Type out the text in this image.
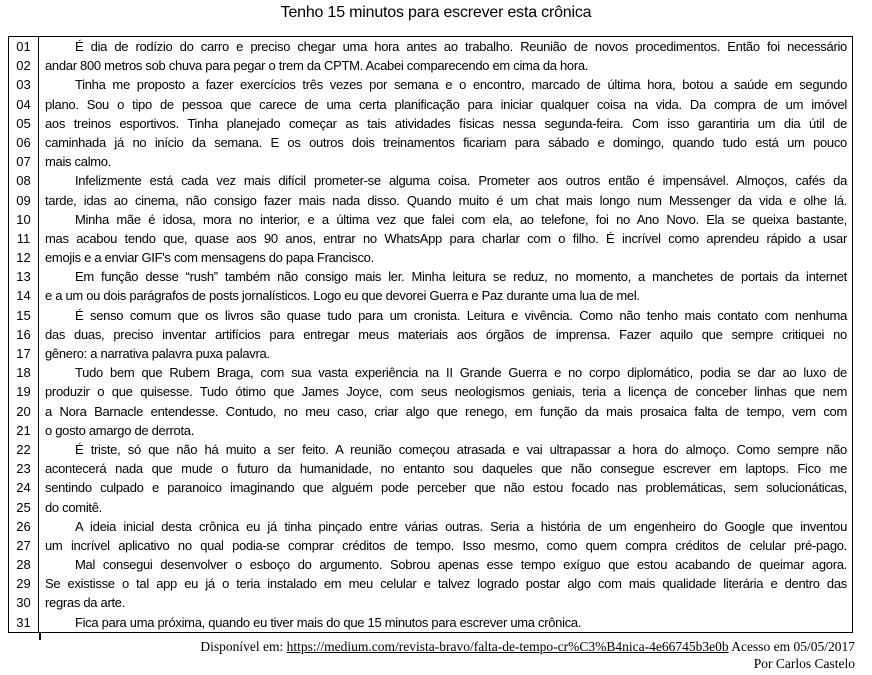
Tenho 15 minutos para escrever esta crônica
01	É dia de rodízio do carro e preciso chegar uma hora antes ao trabalho. Reunião de novos procedimentos. Então foi necessário
02	andar 800 metros sob chuva para pegar o trem da CPTM. Acabei comparecendo em cima da hora.
03	Tinha me proposto a fazer exercícios três vezes por semana e o encontro, marcado de última hora, botou a saúde em segundo
04	plano. Sou o tipo de pessoa que carece de uma certa planificação para iniciar qualquer coisa na vida. Da compra de um imóvel
05	aos treinos esportivos. Tinha planejado começar as tais atividades físicas nessa segunda-feira. Com isso garantiria um dia útil de
06	caminhada já no início da semana. E os outros dois treinamentos ficariam para sábado e domingo, quando tudo está um pouco
07	mais calmo.
08	Infelizmente está cada vez mais difícil prometer-se alguma coisa. Prometer aos outros então é impensável. Almoços, cafés da
09	tarde, idas ao cinema, não consigo fazer mais nada disso. Quando muito é um chat mais longo num Messenger da vida e olhe lá.
10	Minha mãe é idosa, mora no interior, e a última vez que falei com ela, ao telefone, foi no Ano Novo. Ela se queixa bastante,
11	mas acabou tendo que, quase aos 90 anos, entrar no WhatsApp para charlar com o filho. É incrível como aprendeu rápido a usar
12	emojis e a enviar GIF's com mensagens do papa Francisco.
13	Em função desse “rush” também não consigo mais ler. Minha leitura se reduz, no momento, a manchetes de portais da internet
14	e a um ou dois parágrafos de posts jornalísticos. Logo eu que devorei Guerra e Paz durante uma lua de mel.
15	É senso comum que os livros são quase tudo para um cronista. Leitura e vivência. Como não tenho mais contato com nenhuma
16	das duas, preciso inventar artifícios para entregar meus materiais aos órgãos de imprensa. Fazer aquilo que sempre critiquei no
17	gênero: a narrativa palavra puxa palavra.
18	Tudo bem que Rubem Braga, com sua vasta experiência na II Grande Guerra e no corpo diplomático, podia se dar ao luxo de
19	produzir o que quisesse. Tudo ótimo que James Joyce, com seus neologismos geniais, teria a licença de conceber linhas que nem
20	a Nora Barnacle entendesse. Contudo, no meu caso, criar algo que renego, em função da mais prosaica falta de tempo, vem com
21	o gosto amargo de derrota.
22	É triste, só que não há muito a ser feito. A reunião começou atrasada e vai ultrapassar a hora do almoço. Como sempre não
23	acontecerá nada que mude o futuro da humanidade, no entanto sou daqueles que não consegue escrever em laptops. Fico me
24	sentindo culpado e paranoico imaginando que alguém pode perceber que não estou focado nas problemáticas, sem solucionáticas,
25	do comitê.
26	A ideia inicial desta crônica eu já tinha pinçado entre várias outras. Seria a história de um engenheiro do Google que inventou
27	um incrível aplicativo no qual podia-se comprar créditos de tempo. Isso mesmo, como quem compra créditos de celular pré-pago.
28	Mal consegui desenvolver o esboço do argumento. Sobrou apenas esse tempo exíguo que estou acabando de queimar agora.
29	Se existisse o tal app eu já o teria instalado em meu celular e talvez logrado postar algo com mais qualidade literária e dentro das
30	regras da arte.
31	Fica para uma próxima, quando eu tiver mais do que 15 minutos para escrever uma crônica.
Disponível em: https://medium.com/revista-bravo/falta-de-tempo-cr%C3%B4nica-4e66745b3e0b Acesso em 05/05/2017
Por Carlos Castelo
